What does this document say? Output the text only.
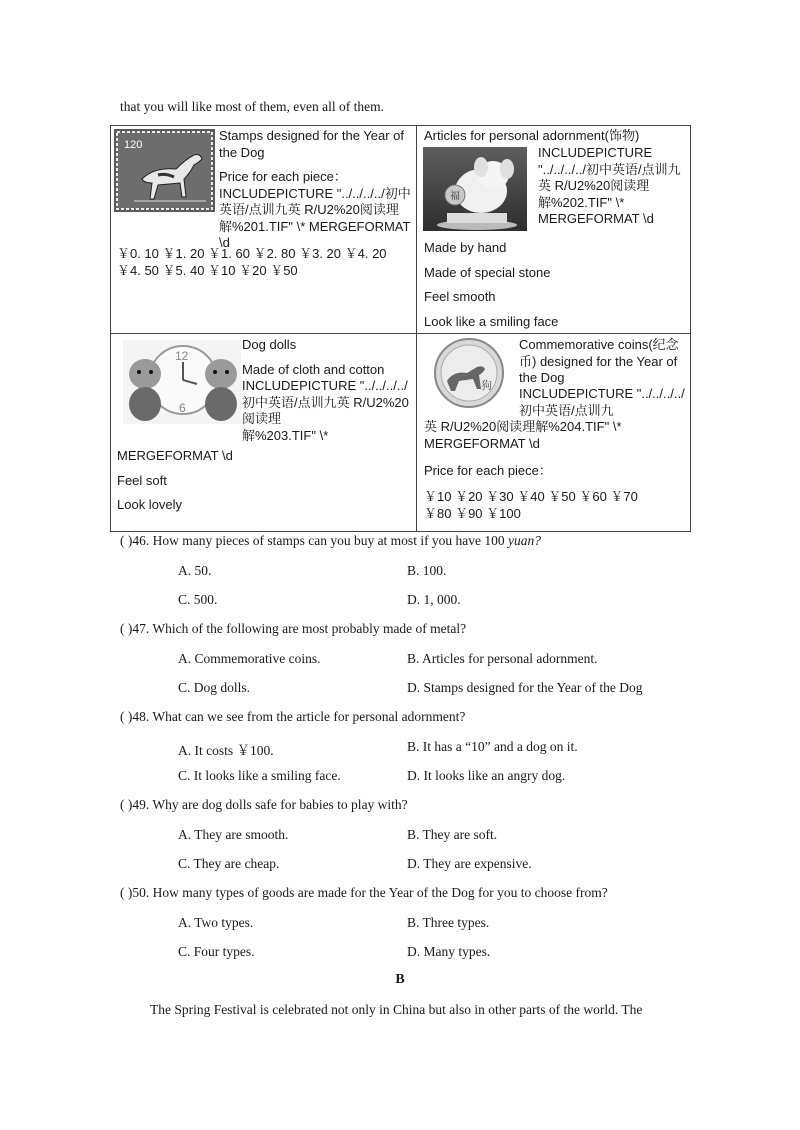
that you will like most of them, even all of them.
120

Stamps designed for the Year of the Dog

Price for each piece：INCLUDEPICTURE "../../../../初中英语/点训九英 R/U2%20阅读理解%201.TIF" \* MERGEFORMAT \d

￥0. 10 ￥1. 20 ￥1. 60 ￥2. 80 ￥3. 20 ￥4. 20
￥4. 50 ￥5. 40 ￥10 ￥20 ￥50
Articles for personal adornment(饰物)
福
INCLUDEPICTURE "../../../../初中英语/点训九英 R/U2%20阅读理解%202.TIF" \* MERGEFORMAT \d
Made by hand
Made of special stone
Feel smooth
Look like a smiling face
12
6

Dog dolls

Made of cloth and cotton

INCLUDEPICTURE "../../../../初中英语/点训九英 R/U2%20阅读理

解%203.TIF" \*

MERGEFORMAT \d
Feel soft
Look lovely
狗
Commemorative coins(纪念币) designed for the Year of the Dog
INCLUDEPICTURE "../../../../初中英语/点训九
英 R/U2%20阅读理解%204.TIF" \* MERGEFORMAT \d
Price for each piece：
￥10 ￥20 ￥30 ￥40 ￥50 ￥60 ￥70
￥80 ￥90 ￥100
( )46. How many pieces of stamps can you buy at most if you have 100 yuan?
A. 50.	B. 100.
C. 500.	D. 1, 000.
( )47. Which of the following are most probably made of metal?
A. Commemorative coins.	B. Articles for personal adornment.
C. Dog dolls.	D. Stamps designed for the Year of the Dog
( )48. What can we see from the article for personal adornment?
A. It costs ￥100.	B. It has a “10” and a dog on it.
C. It looks like a smiling face.	D. It looks like an angry dog.
( )49. Why are dog dolls safe for babies to play with?
A. They are smooth.	B. They are soft.
C. They are cheap.	D. They are expensive.
( )50. How many types of goods are made for the Year of the Dog for you to choose from?
A. Two types.	B. Three types.
C. Four types.	D. Many types.
B
The Spring Festival is celebrated not only in China but also in other parts of the world. The
